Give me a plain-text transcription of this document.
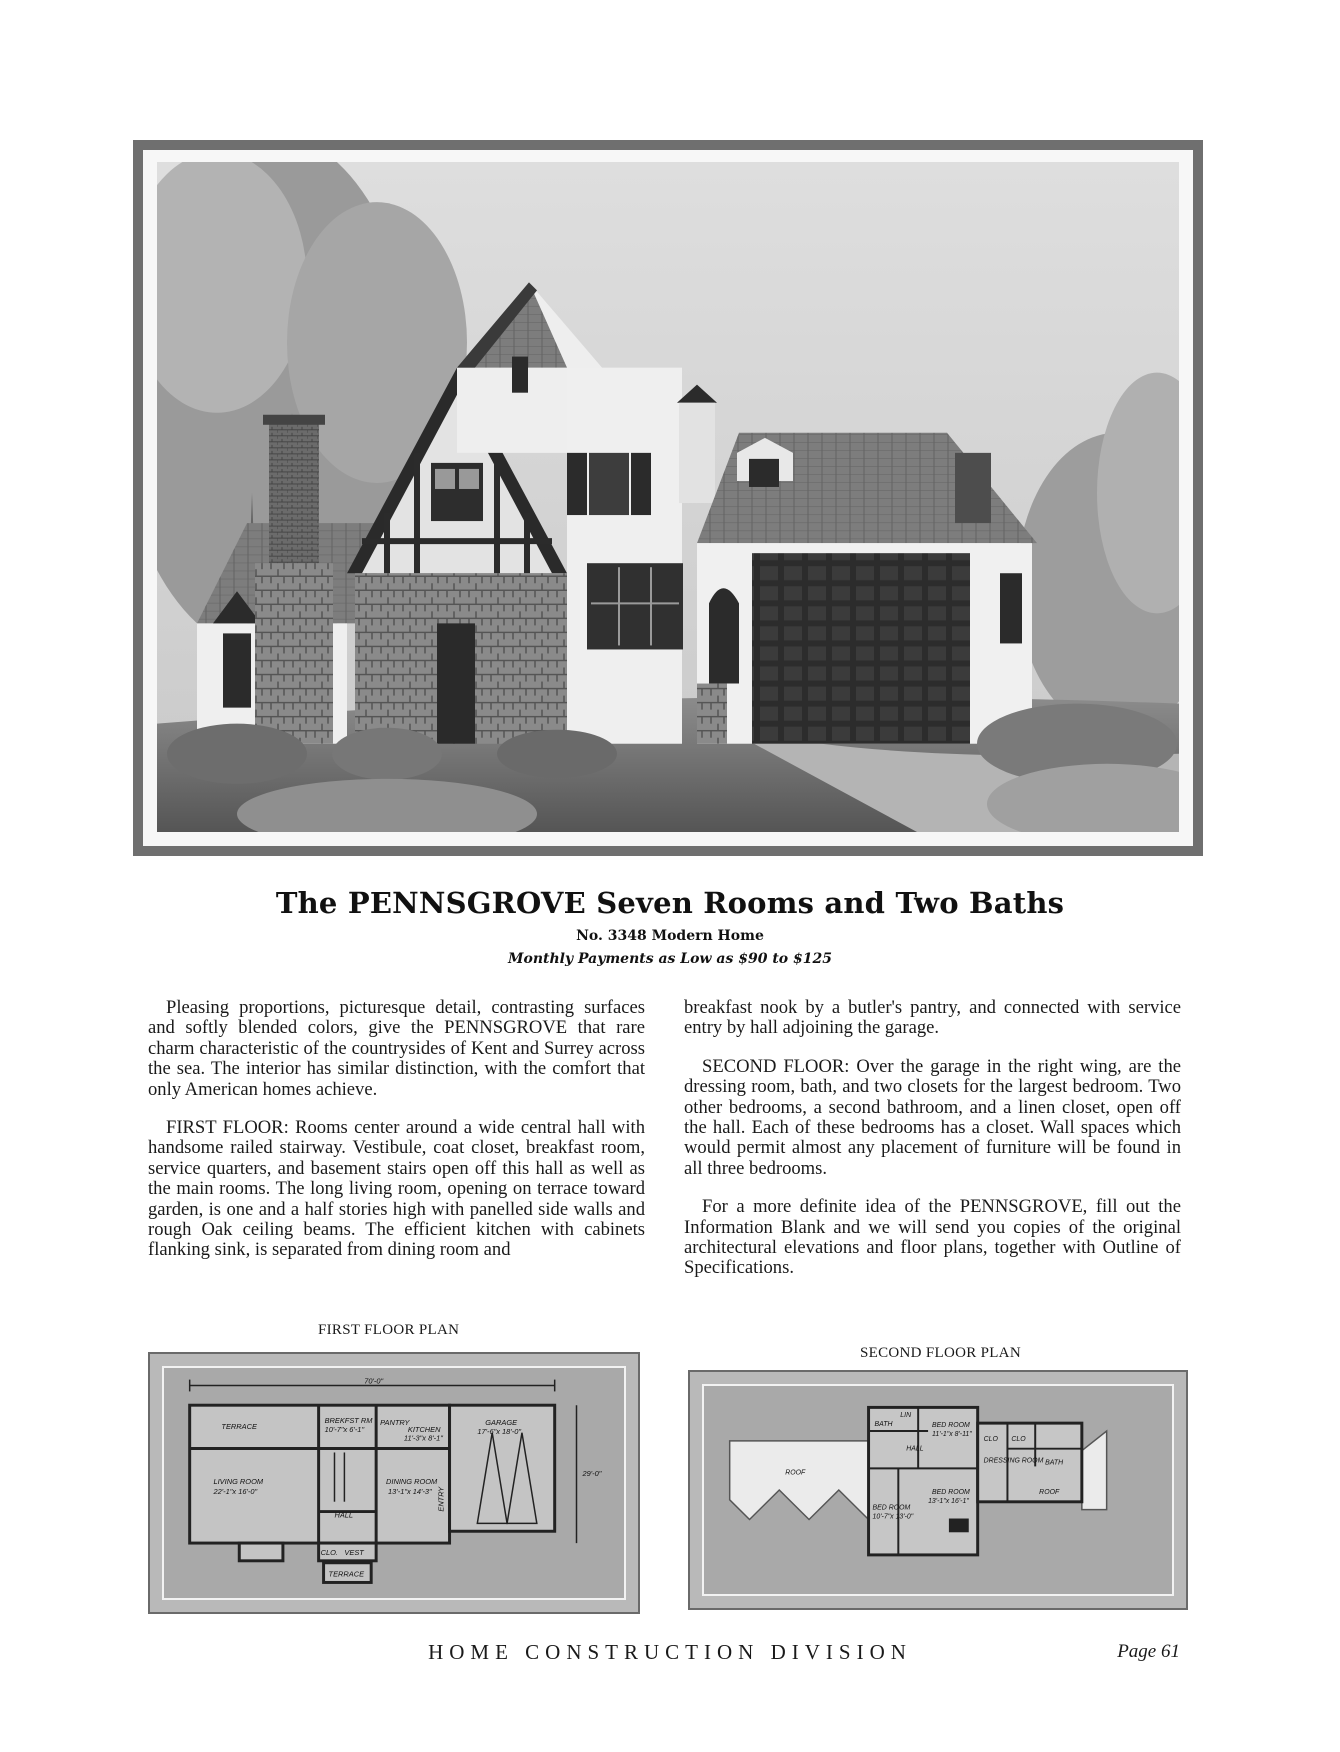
The PENNSGROVE Seven Rooms and Two Baths
No. 3348 Modern Home
Monthly Payments as Low as $90 to $125

Pleasing proportions, picturesque detail, contrasting surfaces and softly blended colors, give the PENNSGROVE that rare charm characteristic of the countrysides of Kent and Surrey across the sea. The interior has similar distinction, with the comfort that only American homes achieve.

FIRST FLOOR: Rooms center around a wide central hall with handsome railed stairway. Vestibule, coat closet, breakfast room, service quarters, and basement stairs open off this hall as well as the main rooms. The long living room, opening on terrace toward garden, is one and a half stories high with panelled side walls and rough Oak ceiling beams. The efficient kitchen with cabinets flanking sink, is separated from dining room and

breakfast nook by a butler's pantry, and connected with service entry by hall adjoining the garage.

SECOND FLOOR: Over the garage in the right wing, are the dressing room, bath, and two closets for the largest bedroom. Two other bedrooms, a second bathroom, and a linen closet, open off the hall. Each of these bedrooms has a closet. Wall spaces which would permit almost any placement of furniture will be found in all three bedrooms.

For a more definite idea of the PENNSGROVE, fill out the Information Blank and we will send you copies of the original architectural elevations and floor plans, together with Outline of Specifications.

FIRST FLOOR PLAN
70'-0"
29'-0"
TERRACE
BREKFST RM
10'-7"x 6'-1"
PANTRY
KITCHEN
11'-3"x 8'-1"
GARAGE
17'-6"x 18'-0"
LIVING ROOM
22'-1"x 16'-0"
HALL
DINING ROOM
13'-1"x 14'-3" ENTRY
CLO. VEST
TERRACE
SECOND FLOOR PLAN
BATH
LIN
HALL
BED ROOM
11'-1"x 8'-11"
CLO CLO
DRESSING ROOM BATH
ROOF
BED ROOM
10'-7"x 13'-0"
BED ROOM
13'-1"x 16'-1"
ROOF
HOME CONSTRUCTION DIVISION	Page 61
